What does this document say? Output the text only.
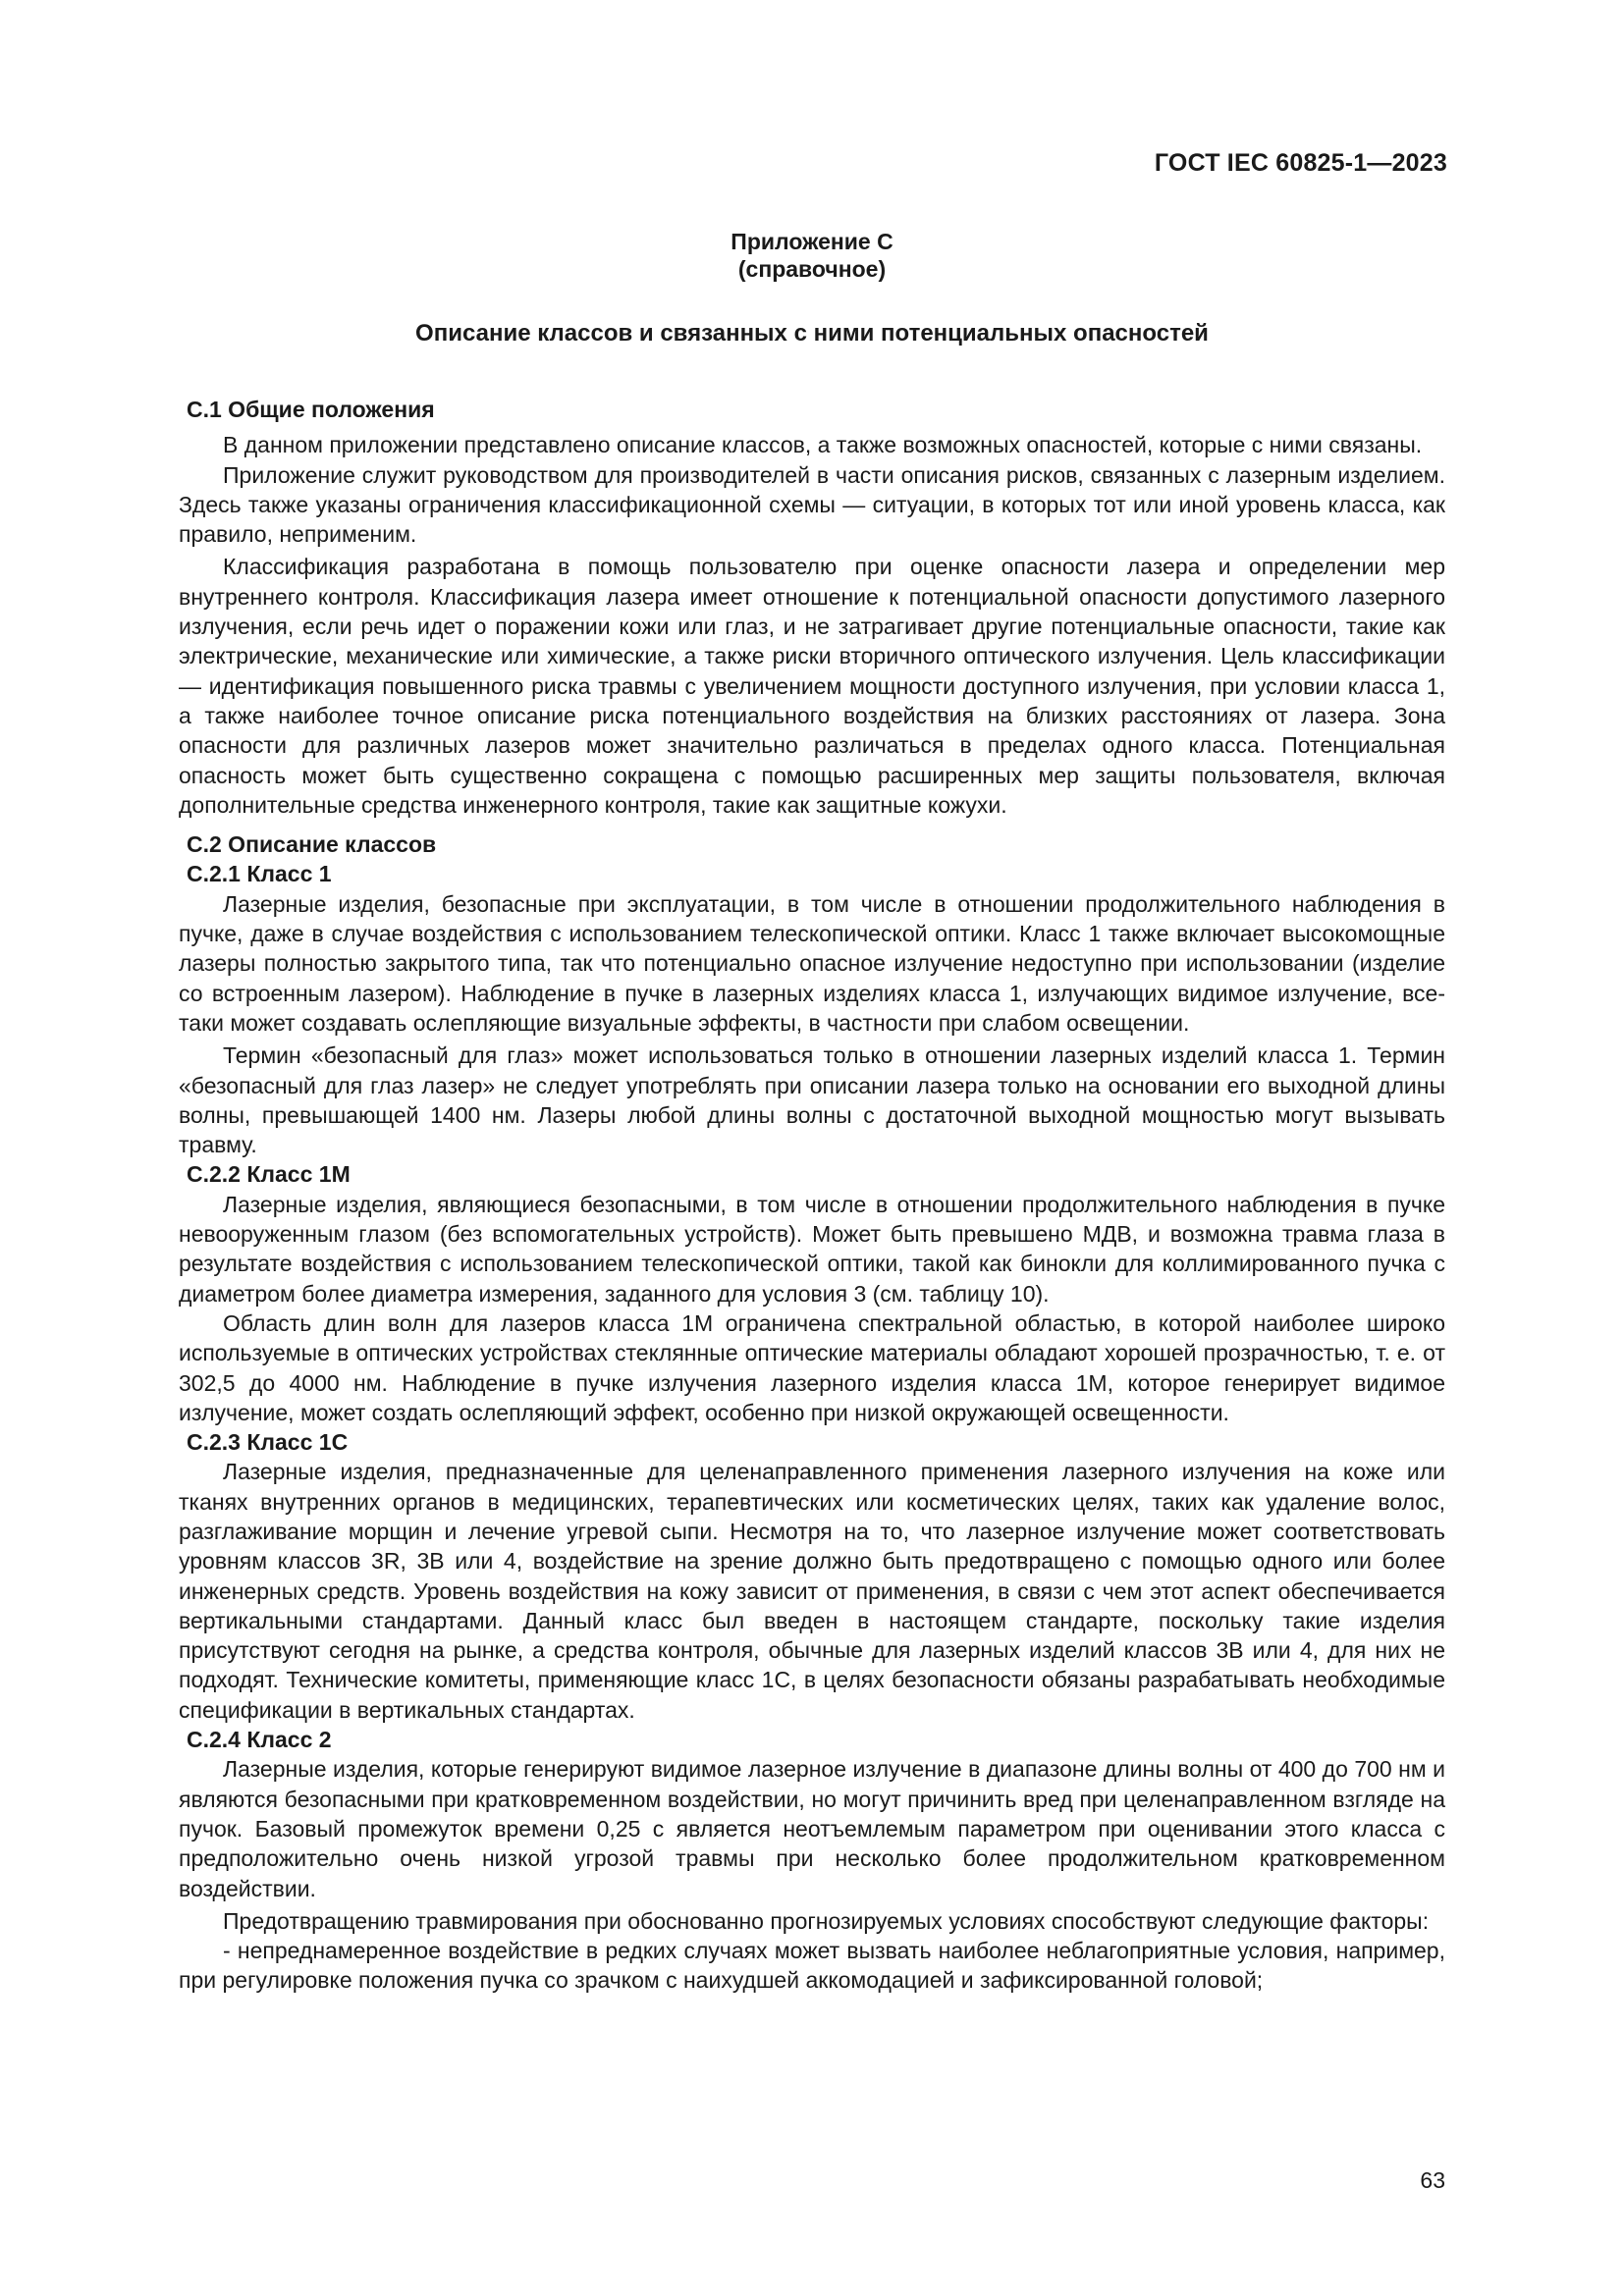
ГОСТ IEC 60825-1—2023
Приложение С
(справочное)
Описание классов и связанных с ними потенциальных опасностей
С.1 Общие положения

В данном приложении представлено описание классов, а также возможных опасностей, которые с ними связаны.

Приложение служит руководством для производителей в части описания рисков, связанных с лазерным изделием. Здесь также указаны ограничения классификационной схемы — ситуации, в которых тот или иной уровень класса, как правило, неприменим.

Классификация разработана в помощь пользователю при оценке опасности лазера и определении мер внутреннего контроля. Классификация лазера имеет отношение к потенциальной опасности допустимого лазерного излучения, если речь идет о поражении кожи или глаз, и не затрагивает другие потенциальные опасности, такие как электрические, механические или химические, а также риски вторичного оптического излучения. Цель классификации — идентификация повышенного риска травмы с увеличением мощности доступного излучения, при условии класса 1, а также наиболее точное описание риска потенциального воздействия на близких расстояниях от лазера. Зона опасности для различных лазеров может значительно различаться в пределах одного класса. Потенциальная опасность может быть существенно сокращена с помощью расширенных мер защиты пользователя, включая дополнительные средства инженерного контроля, такие как защитные кожухи.

С.2 Описание классов
С.2.1 Класс 1

Лазерные изделия, безопасные при эксплуатации, в том числе в отношении продолжительного наблюдения в пучке, даже в случае воздействия с использованием телескопической оптики. Класс 1 также включает высокомощные лазеры полностью закрытого типа, так что потенциально опасное излучение недоступно при использовании (изделие со встроенным лазером). Наблюдение в пучке в лазерных изделиях класса 1, излучающих видимое излучение, все-таки может создавать ослепляющие визуальные эффекты, в частности при слабом освещении.

Термин «безопасный для глаз» может использоваться только в отношении лазерных изделий класса 1. Термин «безопасный для глаз лазер» не следует употреблять при описании лазера только на основании его выходной длины волны, превышающей 1400 нм. Лазеры любой длины волны с достаточной выходной мощностью могут вызывать травму.

С.2.2 Класс 1М

Лазерные изделия, являющиеся безопасными, в том числе в отношении продолжительного наблюдения в пучке невооруженным глазом (без вспомогательных устройств). Может быть превышено МДВ, и возможна травма глаза в результате воздействия с использованием телескопической оптики, такой как бинокли для коллимированного пучка с диаметром более диаметра измерения, заданного для условия 3 (см. таблицу 10).

Область длин волн для лазеров класса 1М ограничена спектральной областью, в которой наиболее широко используемые в оптических устройствах стеклянные оптические материалы обладают хорошей прозрачностью, т. е. от 302,5 до 4000 нм. Наблюдение в пучке излучения лазерного изделия класса 1М, которое генерирует видимое излучение, может создать ослепляющий эффект, особенно при низкой окружающей освещенности.

С.2.3 Класс 1С

Лазерные изделия, предназначенные для целенаправленного применения лазерного излучения на коже или тканях внутренних органов в медицинских, терапевтических или косметических целях, таких как удаление волос, разглаживание морщин и лечение угревой сыпи. Несмотря на то, что лазерное излучение может соответствовать уровням классов 3R, 3В или 4, воздействие на зрение должно быть предотвращено с помощью одного или более инженерных средств. Уровень воздействия на кожу зависит от применения, в связи с чем этот аспект обеспечивается вертикальными стандартами. Данный класс был введен в настоящем стандарте, поскольку такие изделия присутствуют сегодня на рынке, а средства контроля, обычные для лазерных изделий классов 3В или 4, для них не подходят. Технические комитеты, применяющие класс 1С, в целях безопасности обязаны разрабатывать необходимые спецификации в вертикальных стандартах.

С.2.4 Класс 2

Лазерные изделия, которые генерируют видимое лазерное излучение в диапазоне длины волны от 400 до 700 нм и являются безопасными при кратковременном воздействии, но могут причинить вред при целенаправленном взгляде на пучок. Базовый промежуток времени 0,25 с является неотъемлемым параметром при оценивании этого класса с предположительно очень низкой угрозой травмы при несколько более продолжительном кратковременном воздействии.

Предотвращению травмирования при обоснованно прогнозируемых условиях способствуют следующие факторы:

- непреднамеренное воздействие в редких случаях может вызвать наиболее неблагоприятные условия, например, при регулировке положения пучка со зрачком с наихудшей аккомодацией и зафиксированной головой;

63
